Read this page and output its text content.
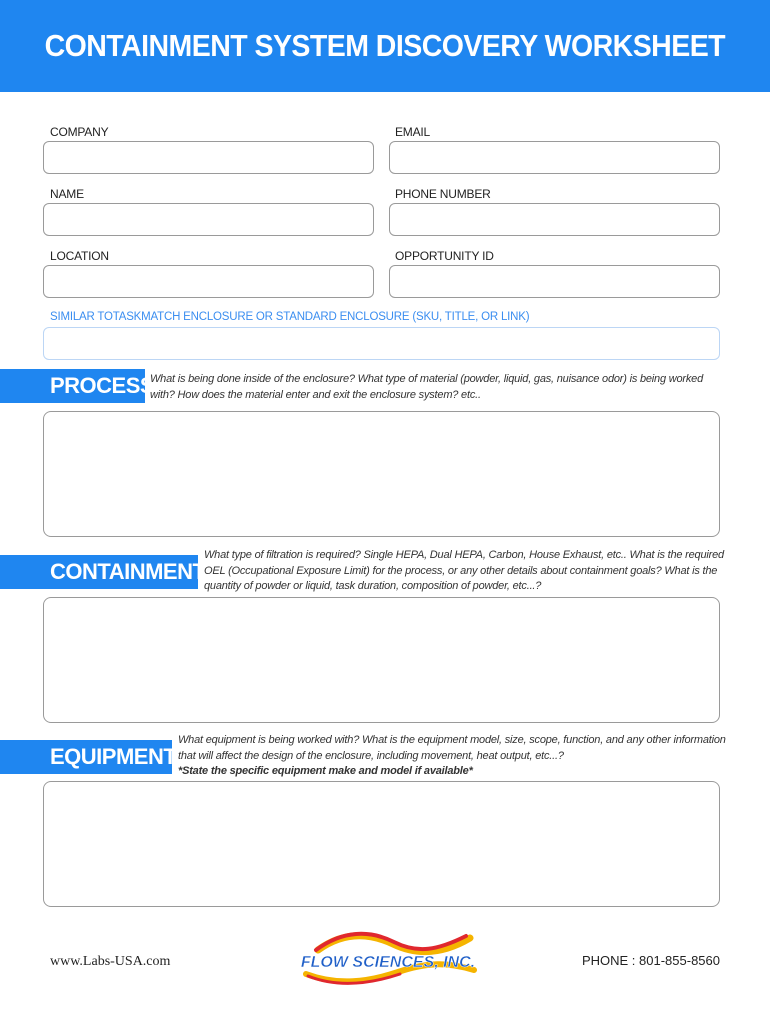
CONTAINMENT SYSTEM DISCOVERY WORKSHEET
COMPANY	EMAIL
NAME	PHONE NUMBER
LOCATION	OPPORTUNITY ID
SIMILAR TOTASKMATCH ENCLOSURE OR STANDARD ENCLOSURE (SKU, TITLE, OR LINK)
PROCESS
What is being done inside of the enclosure? What type of material (powder, liquid, gas, nuisance odor) is being worked with? How does the material enter and exit the enclosure system? etc..
CONTAINMENT
What type of filtration is required? Single HEPA, Dual HEPA, Carbon, House Exhaust, etc.. What is the required OEL (Occupational Exposure Limit) for the process, or any other details about containment goals? What is the quantity of powder or liquid, task duration, composition of powder, etc...?
EQUIPMENT
What equipment is being worked with? What is the equipment model, size, scope, function, and any other information that will affect the design of the enclosure, including movement, heat output, etc...?
*State the specific equipment make and model if available*
www.Labs-USA.com	FLOW SCIENCES, INC.	PHONE : 801-855-8560
